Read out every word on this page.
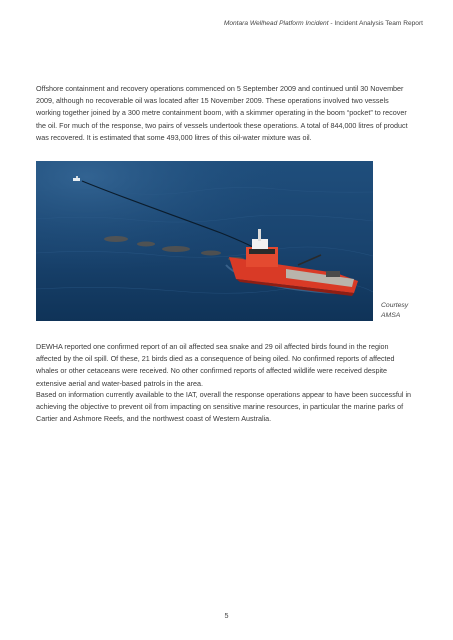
Montara Wellhead Platform Incident - Incident Analysis Team Report

Offshore containment and recovery operations commenced on 5 September 2009 and continued until 30 November 2009, although no recoverable oil was located after 15 November 2009. These operations involved two vessels working together joined by a 300 metre containment boom, with a skimmer operating in the boom “pocket” to recover the oil. For much of the response, two pairs of vessels undertook these operations. A total of 844,000 litres of product was recovered. It is estimated that some 493,000 litres of this oil-water mixture was oil.

Courtesy
AMSA

DEWHA reported one confirmed report of an oil affected sea snake and 29 oil affected birds found in the region affected by the oil spill. Of these, 21 birds died as a consequence of being oiled. No confirmed reports of affected whales or other cetaceans were received. No other confirmed reports of affected wildlife were received despite extensive aerial and water-based patrols in the area.

Based on information currently available to the IAT, overall the response operations appear to have been successful in achieving the objective to prevent oil from impacting on sensitive marine resources, in particular the marine parks of Cartier and Ashmore Reefs, and the northwest coast of Western Australia.

5
